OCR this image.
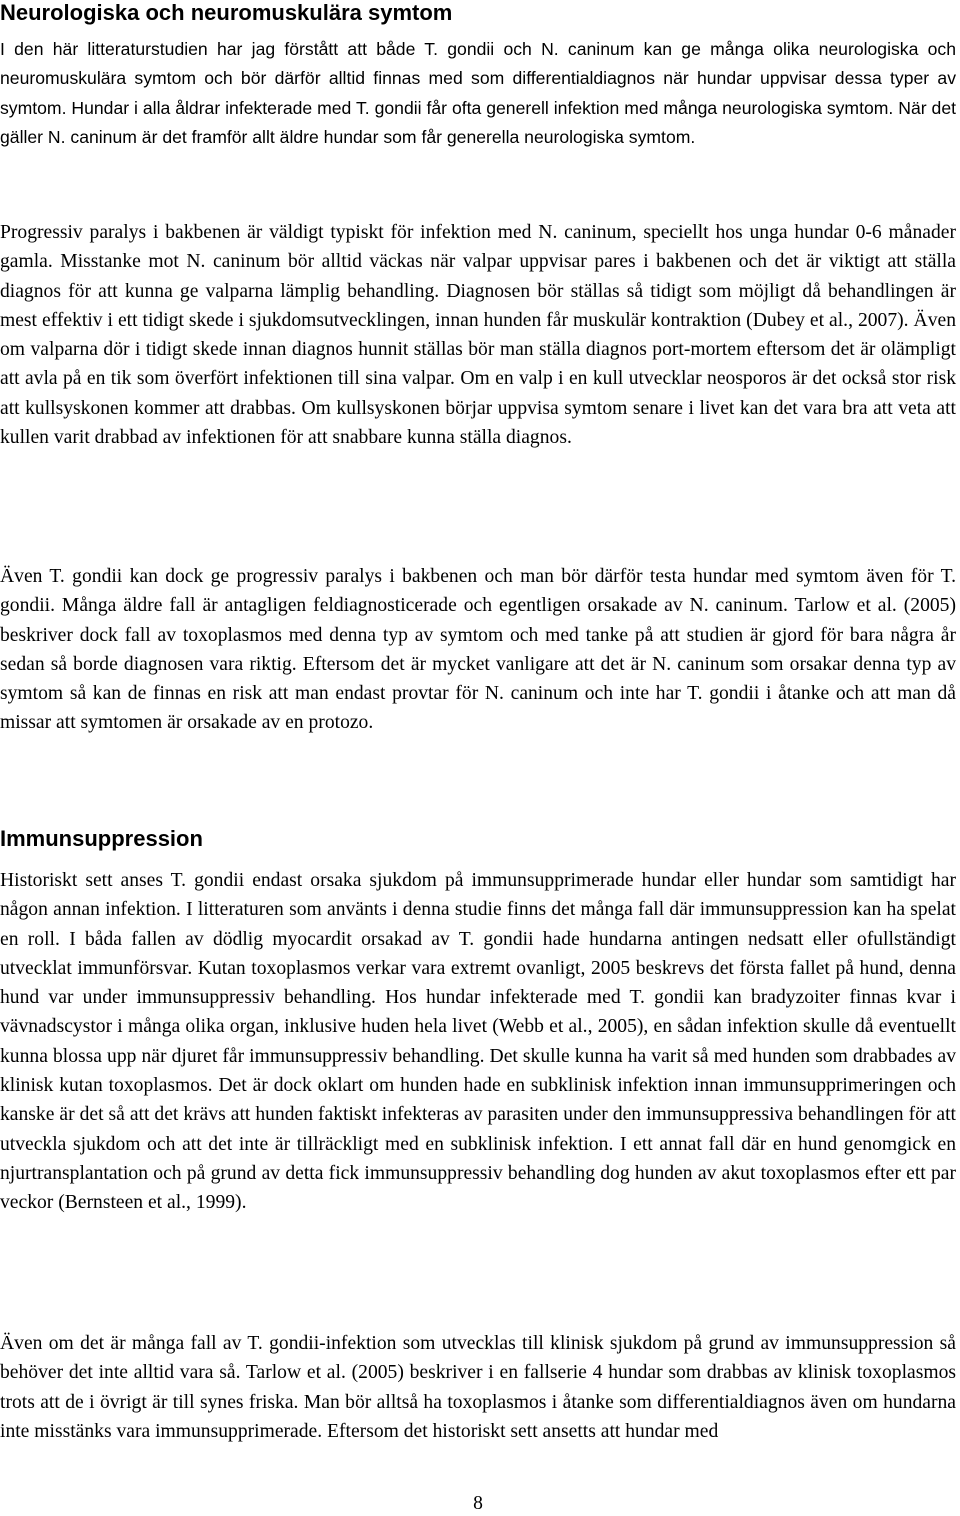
Neurologiska och neuromuskulära symtom

I den här litteraturstudien har jag förstått att både T. gondii och N. caninum kan ge många olika neurologiska och neuromuskulära symtom och bör därför alltid finnas med som differentialdiagnos när hundar uppvisar dessa typer av symtom. Hundar i alla åldrar infekterade med T. gondii får ofta generell infektion med många neurologiska symtom. När det gäller N. caninum är det framför allt äldre hundar som får generella neurologiska symtom.

Progressiv paralys i bakbenen är väldigt typiskt för infektion med N. caninum, speciellt hos unga hundar 0-6 månader gamla. Misstanke mot N. caninum bör alltid väckas när valpar uppvisar pares i bakbenen och det är viktigt att ställa diagnos för att kunna ge valparna lämplig behandling. Diagnosen bör ställas så tidigt som möjligt då behandlingen är mest effektiv i ett tidigt skede i sjukdomsutvecklingen, innan hunden får muskulär kontraktion (Dubey et al., 2007). Även om valparna dör i tidigt skede innan diagnos hunnit ställas bör man ställa diagnos port-mortem eftersom det är olämpligt att avla på en tik som överfört infektionen till sina valpar. Om en valp i en kull utvecklar neosporos är det också stor risk att kullsyskonen kommer att drabbas. Om kullsyskonen börjar uppvisa symtom senare i livet kan det vara bra att veta att kullen varit drabbad av infektionen för att snabbare kunna ställa diagnos.

Även T. gondii kan dock ge progressiv paralys i bakbenen och man bör därför testa hundar med symtom även för T. gondii. Många äldre fall är antagligen feldiagnosticerade och egentligen orsakade av N. caninum. Tarlow et al. (2005) beskriver dock fall av toxoplasmos med denna typ av symtom och med tanke på att studien är gjord för bara några år sedan så borde diagnosen vara riktig. Eftersom det är mycket vanligare att det är N. caninum som orsakar denna typ av symtom så kan de finnas en risk att man endast provtar för N. caninum och inte har T. gondii i åtanke och att man då missar att symtomen är orsakade av en protozo.

Immunsuppression

Historiskt sett anses T. gondii endast orsaka sjukdom på immunsupprimerade hundar eller hundar som samtidigt har någon annan infektion. I litteraturen som använts i denna studie finns det många fall där immunsuppression kan ha spelat en roll. I båda fallen av dödlig myocardit orsakad av T. gondii hade hundarna antingen nedsatt eller ofullständigt utvecklat immunförsvar. Kutan toxoplasmos verkar vara extremt ovanligt, 2005 beskrevs det första fallet på hund, denna hund var under immunsuppressiv behandling. Hos hundar infekterade med T. gondii kan bradyzoiter finnas kvar i vävnadscystor i många olika organ, inklusive huden hela livet (Webb et al., 2005), en sådan infektion skulle då eventuellt kunna blossa upp när djuret får immunsuppressiv behandling. Det skulle kunna ha varit så med hunden som drabbades av klinisk kutan toxoplasmos. Det är dock oklart om hunden hade en subklinisk infektion innan immunsupprimeringen och kanske är det så att det krävs att hunden faktiskt infekteras av parasiten under den immunsuppressiva behandlingen för att utveckla sjukdom och att det inte är tillräckligt med en subklinisk infektion. I ett annat fall där en hund genomgick en njurtransplantation och på grund av detta fick immunsuppressiv behandling dog hunden av akut toxoplasmos efter ett par veckor (Bernsteen et al., 1999).

Även om det är många fall av T. gondii-infektion som utvecklas till klinisk sjukdom på grund av immunsuppression så behöver det inte alltid vara så. Tarlow et al. (2005) beskriver i en fallserie 4 hundar som drabbas av klinisk toxoplasmos trots att de i övrigt är till synes friska. Man bör alltså ha toxoplasmos i åtanke som differentialdiagnos även om hundarna inte misstänks vara immunsupprimerade. Eftersom det historiskt sett ansetts att hundar med

8
